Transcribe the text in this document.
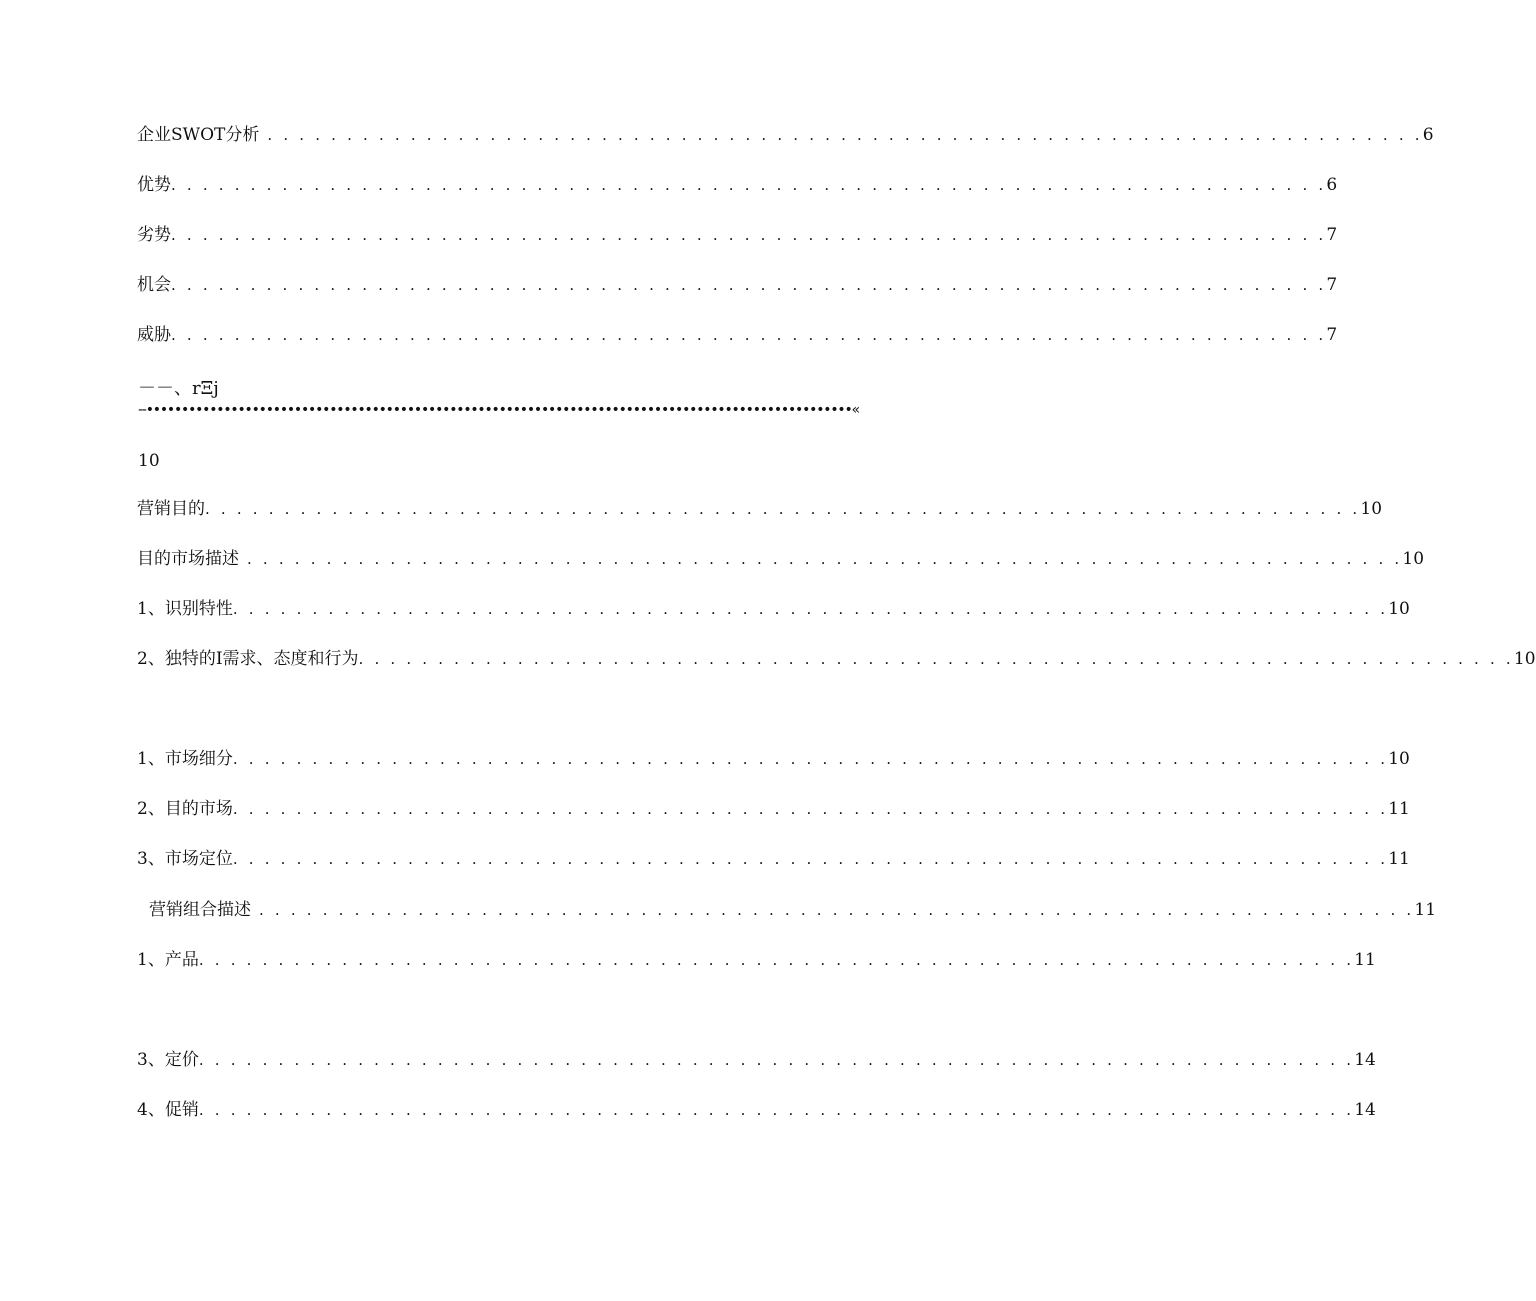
企业SWOT分析 . . . . . . . . . . . . . . . . . . . . . . . . . . . . . . . . . . . . . . . . . . . . . . . . . . . . . . . . . . . . . . . . . . . . . . . . . 6
优势 . . . . . . . . . . . . . . . . . . . . . . . . . . . . . . . . . . . . . . . . . . . . . . . . . . . . . . . . . . . . . . . . . . . . . . . . . 6
劣势 . . . . . . . . . . . . . . . . . . . . . . . . . . . . . . . . . . . . . . . . . . . . . . . . . . . . . . . . . . . . . . . . . . . . . . . . . 7
机会 . . . . . . . . . . . . . . . . . . . . . . . . . . . . . . . . . . . . . . . . . . . . . . . . . . . . . . . . . . . . . . . . . . . . . . . . . 7
威胁 . . . . . . . . . . . . . . . . . . . . . . . . . . . . . . . . . . . . . . . . . . . . . . . . . . . . . . . . . . . . . . . . . . . . . . . . . 7
－－、rΞj
--••••••••••••••••••••••••••••••••••••••••••••••••••••••••••••••••••••••••••••••••••••••••••••••••••••«
10
营销目的 . . . . . . . . . . . . . . . . . . . . . . . . . . . . . . . . . . . . . . . . . . . . . . . . . . . . . . . . . . . . . . . . . . . . . . . . . 10
目的市场描述 . . . . . . . . . . . . . . . . . . . . . . . . . . . . . . . . . . . . . . . . . . . . . . . . . . . . . . . . . . . . . . . . . . . . . . . . . 10
1、识别特性 . . . . . . . . . . . . . . . . . . . . . . . . . . . . . . . . . . . . . . . . . . . . . . . . . . . . . . . . . . . . . . . . . . . . . . . . . 10
2、独特的I需求、态度和行为 . . . . . . . . . . . . . . . . . . . . . . . . . . . . . . . . . . . . . . . . . . . . . . . . . . . . . . . . . . . . . . . . . . . . . . . . . 10
1、市场细分 . . . . . . . . . . . . . . . . . . . . . . . . . . . . . . . . . . . . . . . . . . . . . . . . . . . . . . . . . . . . . . . . . . . . . . . . . 10
2、目的市场 . . . . . . . . . . . . . . . . . . . . . . . . . . . . . . . . . . . . . . . . . . . . . . . . . . . . . . . . . . . . . . . . . . . . . . . . . 11
3、市场定位 . . . . . . . . . . . . . . . . . . . . . . . . . . . . . . . . . . . . . . . . . . . . . . . . . . . . . . . . . . . . . . . . . . . . . . . . . 11
营销组合描述 . . . . . . . . . . . . . . . . . . . . . . . . . . . . . . . . . . . . . . . . . . . . . . . . . . . . . . . . . . . . . . . . . . . . . . . . . 11
1、产品 . . . . . . . . . . . . . . . . . . . . . . . . . . . . . . . . . . . . . . . . . . . . . . . . . . . . . . . . . . . . . . . . . . . . . . . . . 11
3、定价 . . . . . . . . . . . . . . . . . . . . . . . . . . . . . . . . . . . . . . . . . . . . . . . . . . . . . . . . . . . . . . . . . . . . . . . . . 14
4、促销 . . . . . . . . . . . . . . . . . . . . . . . . . . . . . . . . . . . . . . . . . . . . . . . . . . . . . . . . . . . . . . . . . . . . . . . . . 14
